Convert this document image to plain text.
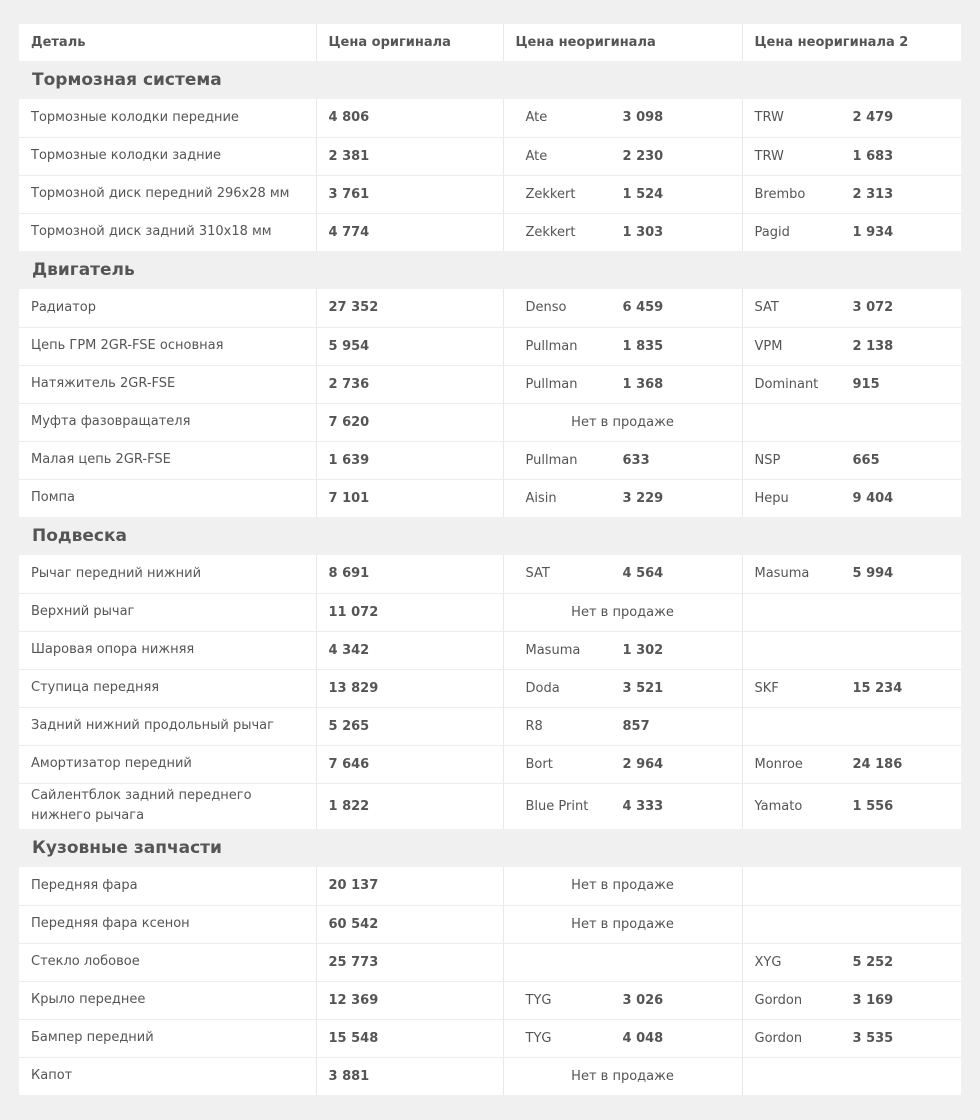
Деталь	Цена оригинала	Цена неоригинала	Цена неоригинала 2
Тормозная система			
Тормозные колодки передние	4 806	Ate 3 098	TRW 2 479

Тормозные колодки задние	2 381	Ate 2 230	TRW 1 683

Тормозной диск передний 296x28 мм	3 761	Zekkert 1 524	Brembo 2 313

Тормозной диск задний 310x18 мм	4 774	Zekkert 1 303	Pagid 1 934

Двигатель			
Радиатор	27 352	Denso 6 459	SAT 3 072

Цепь ГРМ 2GR-FSE основная	5 954	Pullman 1 835	VPM 2 138

Натяжитель 2GR-FSE	2 736	Pullman 1 368	Dominant 915

Муфта фазовращателя	7 620	Нет в продаже	

Малая цепь 2GR-FSE	1 639	Pullman 633	NSP 665

Помпа	7 101	Aisin 3 229	Hepu 9 404

Подвеска			
Рычаг передний нижний	8 691	SAT 4 564	Masuma 5 994

Верхний рычаг	11 072	Нет в продаже	

Шаровая опора нижняя	4 342	Masuma 1 302	

Ступица передняя	13 829	Doda 3 521	SKF 15 234

Задний нижний продольный рычаг	5 265	R8 857	

Амортизатор передний	7 646	Bort 2 964	Monroe 24 186

Сайлентблок задний переднего нижнего рычага	1 822	Blue Print 4 333	Yamato 1 556

Кузовные запчасти			
Передняя фара	20 137	Нет в продаже	

Передняя фара ксенон	60 542	Нет в продаже	

Стекло лобовое	25 773		XYG 5 252

Крыло переднее	12 369	TYG 3 026	Gordon 3 169

Бампер передний	15 548	TYG 4 048	Gordon 3 535

Капот	3 881	Нет в продаже	
